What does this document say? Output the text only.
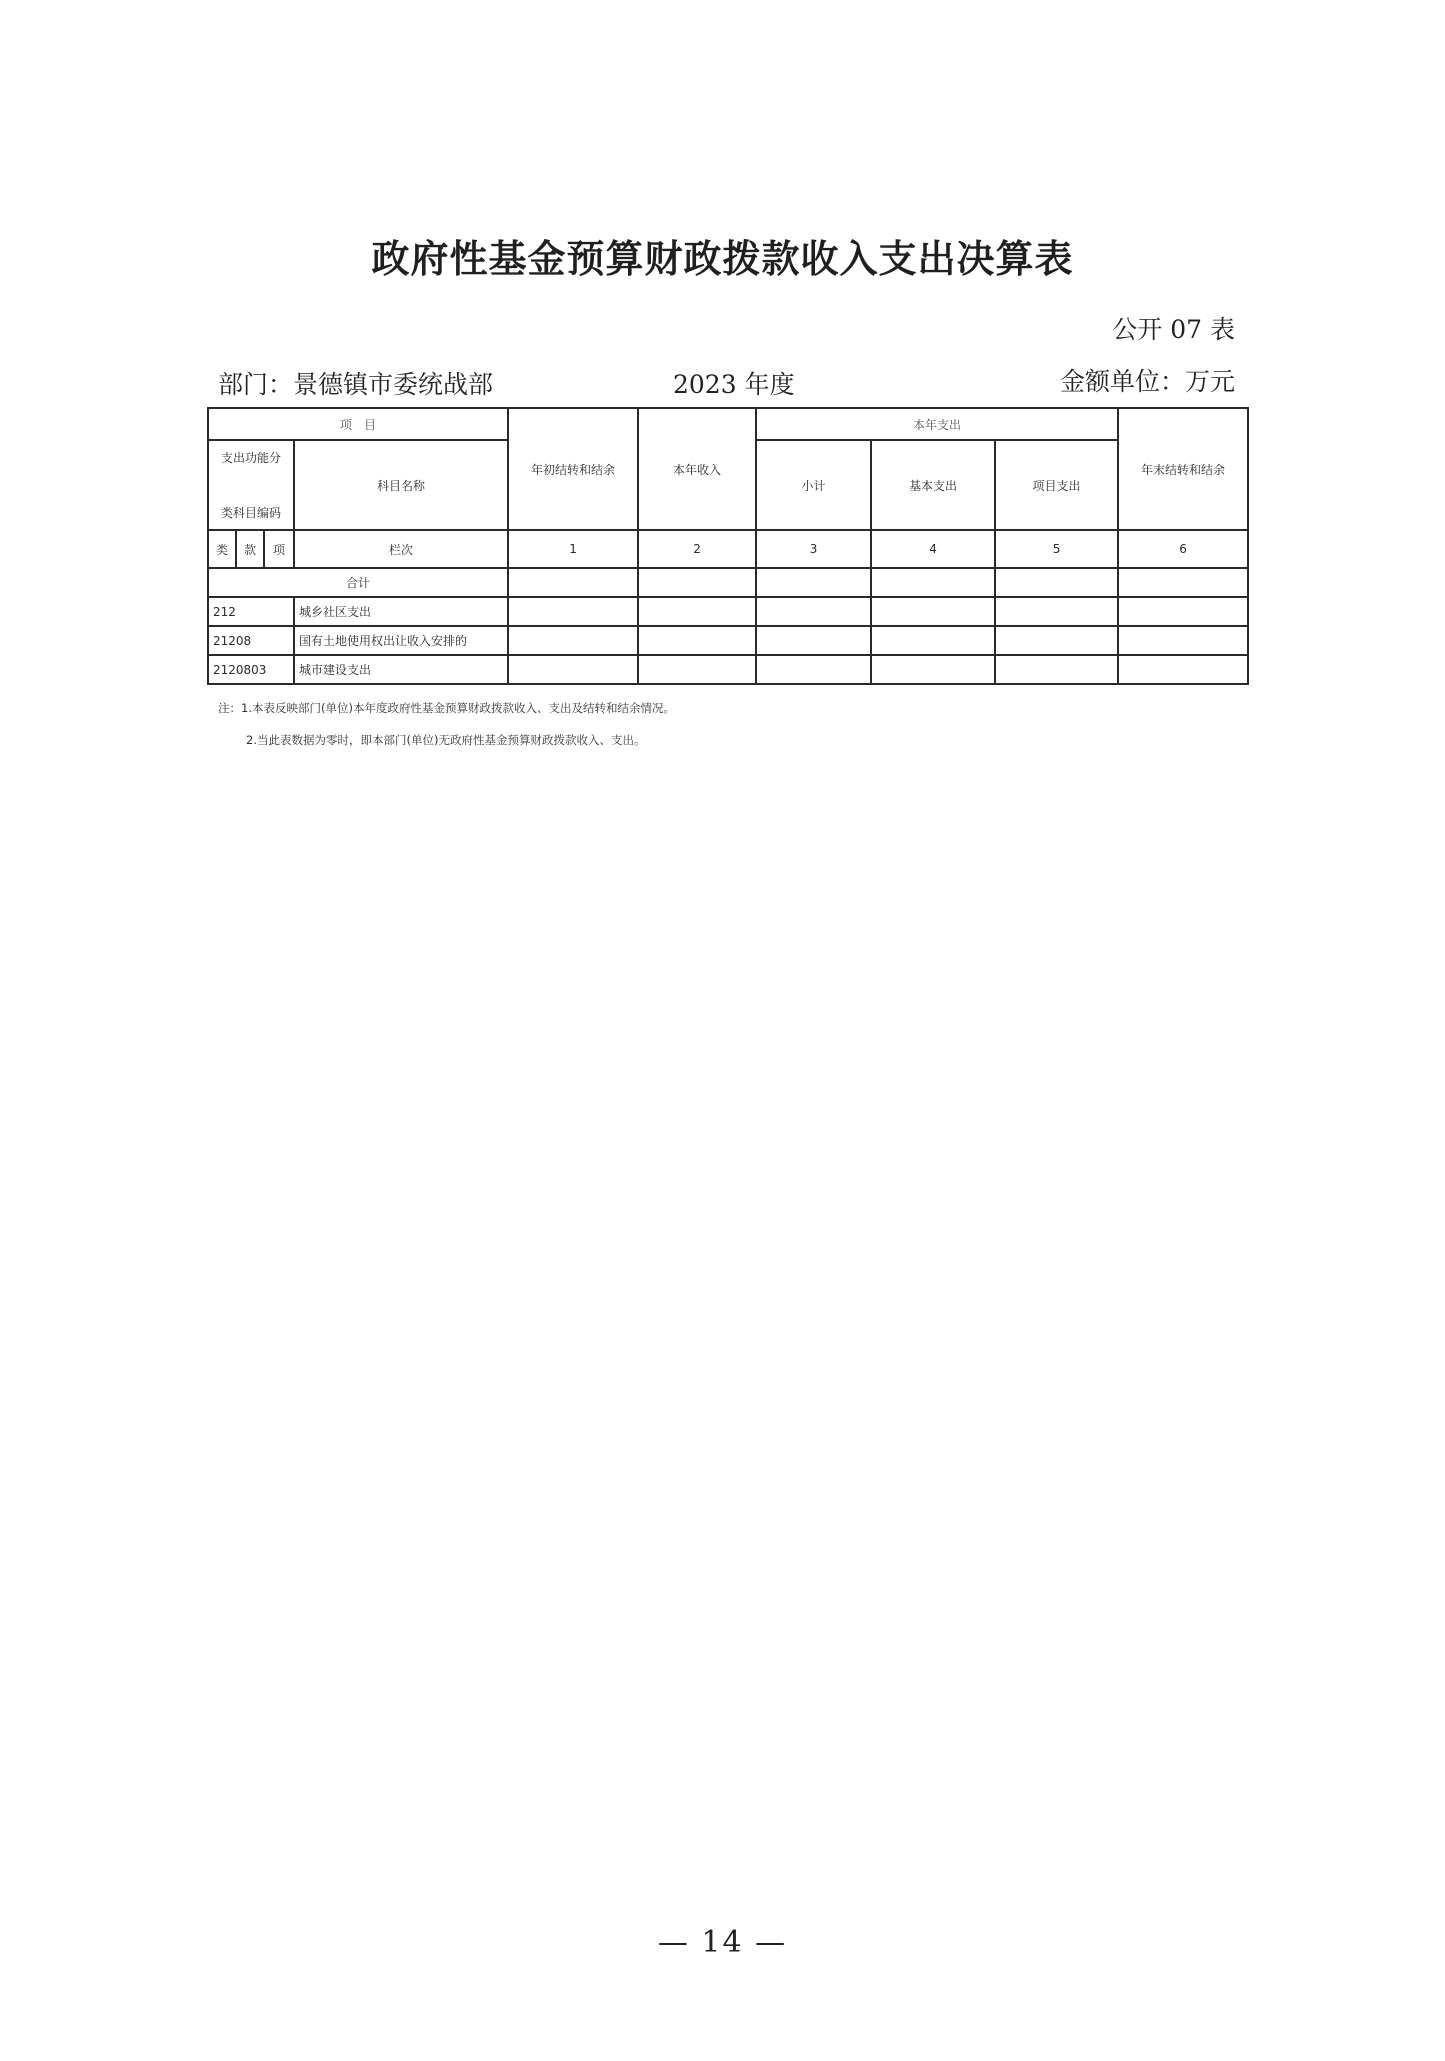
政府性基金预算财政拨款收入支出决算表
公开 07 表
部门：景德镇市委统战部	2023 年度	金额单位：万元
项　目				年初结转和结余	本年收入	本年支出			年末结转和结余

支出功能分
类科目编码			科目名称			小计	基本支出	项目支出	
类	款	项	栏次	1	2	3	4	5	6
合计									
212			城乡社区支出						
21208			国有土地使用权出让收入安排的						
2120803			城市建设支出						

注：1.本表反映部门(单位)本年度政府性基金预算财政拨款收入、支出及结转和结余情况。

2.当此表数据为零时，即本部门(单位)无政府性基金预算财政拨款收入、支出。

— 14 —
